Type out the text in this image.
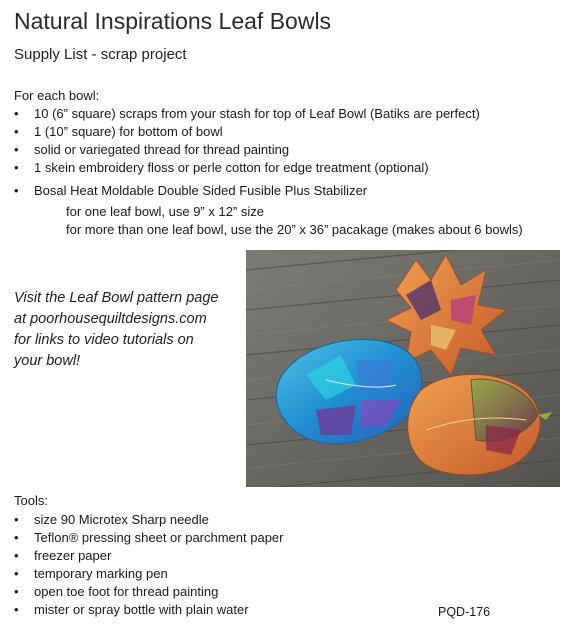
Natural Inspirations Leaf Bowls
Supply List - scrap project
For each bowl:
• 10 (6” square) scraps from your stash for top of Leaf Bowl (Batiks are perfect)
• 1 (10” square) for bottom of bowl
• solid or variegated thread for thread painting
• 1 skein embroidery floss or perle cotton for edge treatment (optional)
• Bosal Heat Moldable Double Sided Fusible Plus Stabilizer
for one leaf bowl, use 9” x 12” size
for more than one leaf bowl, use the 20” x 36” pacakage (makes about 6 bowls)
Visit the Leaf Bowl pattern page at poorhousequiltdesigns.com for links to video tutorials on your bowl!
Tools:
• size 90 Microtex Sharp needle
• Teflon® pressing sheet or parchment paper
• freezer paper
• temporary marking pen
• open toe foot for thread painting
• mister or spray bottle with plain water	PQD-176
